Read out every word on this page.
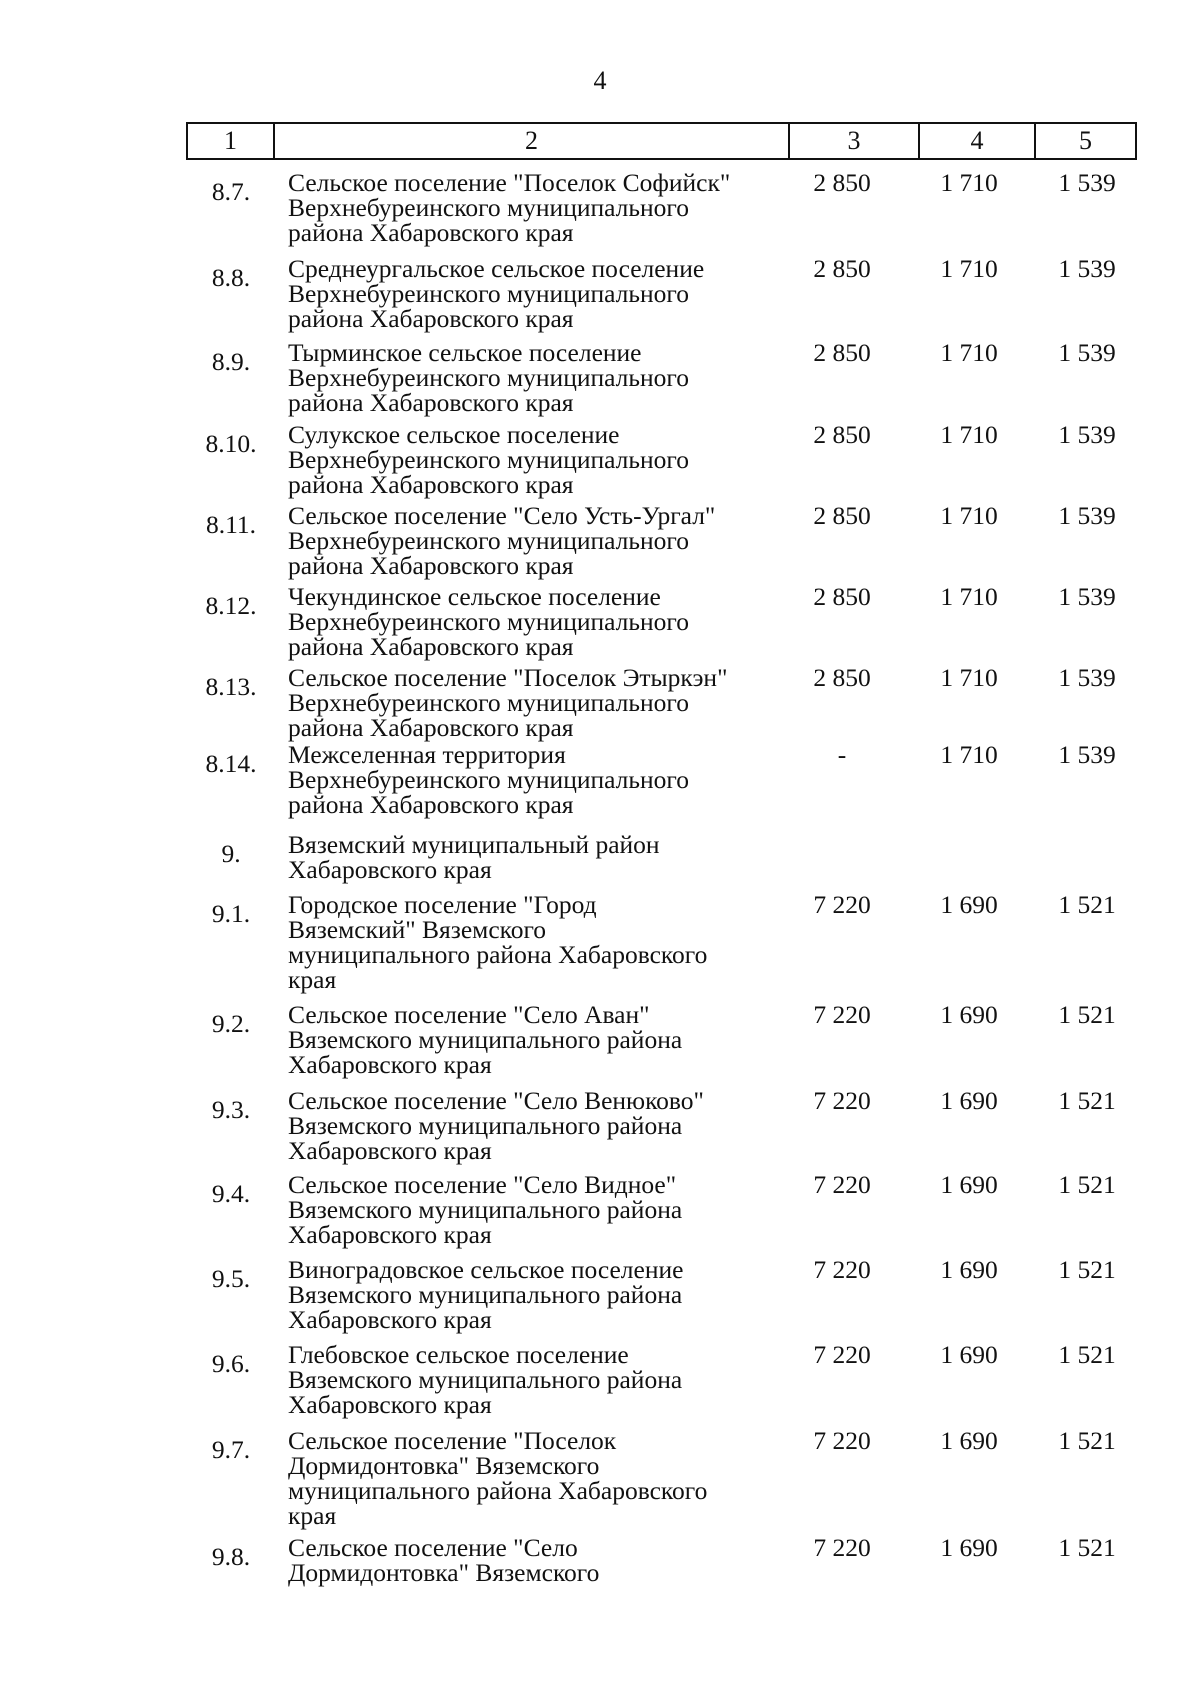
4
1	2	3	4	5
8.7.	Сельское поселение "Поселок Софийск"
Верхнебуреинского муниципального
района Хабаровского края
2 850	1 710	1 539
8.8.	Среднеургальское сельское поселение
Верхнебуреинского муниципального
района Хабаровского края
2 850	1 710	1 539
8.9.	Тырминское сельское поселение
Верхнебуреинского муниципального
района Хабаровского края
2 850	1 710	1 539
8.10.	Сулукское сельское поселение
Верхнебуреинского муниципального
района Хабаровского края
2 850	1 710	1 539
8.11.	Сельское поселение "Село Усть-Ургал"
Верхнебуреинского муниципального
района Хабаровского края
2 850	1 710	1 539
8.12.	Чекундинское сельское поселение
Верхнебуреинского муниципального
района Хабаровского края
2 850	1 710	1 539
8.13.	Сельское поселение "Поселок Этыркэн"
Верхнебуреинского муниципального
района Хабаровского края
2 850	1 710	1 539
8.14.	Межселенная территория
Верхнебуреинского муниципального
района Хабаровского края
-	1 710	1 539
9.	Вяземский муниципальный район
Хабаровского края
9.1.	Городское поселение "Город
Вяземский" Вяземского
муниципального района Хабаровского
края
7 220	1 690	1 521
9.2.	Сельское поселение "Село Аван"
Вяземского муниципального района
Хабаровского края
7 220	1 690	1 521
9.3.	Сельское поселение "Село Венюково"
Вяземского муниципального района
Хабаровского края
7 220	1 690	1 521
9.4.	Сельское поселение "Село Видное"
Вяземского муниципального района
Хабаровского края
7 220	1 690	1 521
9.5.	Виноградовское сельское поселение
Вяземского муниципального района
Хабаровского края
7 220	1 690	1 521
9.6.	Глебовское сельское поселение
Вяземского муниципального района
Хабаровского края
7 220	1 690	1 521
9.7.	Сельское поселение "Поселок
Дормидонтовка" Вяземского
муниципального района Хабаровского
края
7 220	1 690	1 521
9.8.	Сельское поселение "Село
Дормидонтовка" Вяземского
7 220	1 690	1 521
